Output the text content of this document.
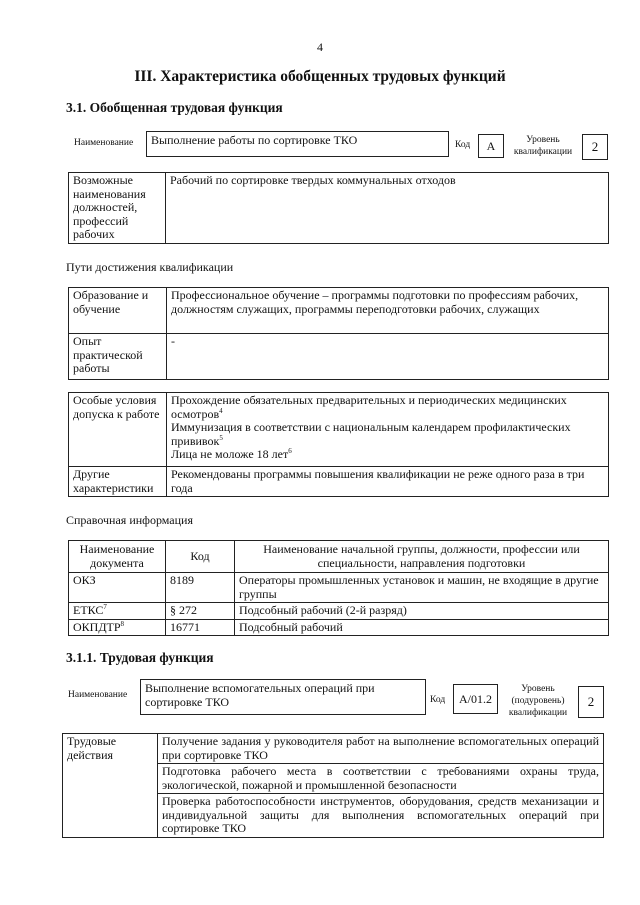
4
III. Характеристика обобщенных трудовых функций
3.1. Обобщенная трудовая функция
Наименование	Выполнение работы по сортировке ТКО	Код	А	Уровень квалификации	2
Возможные наименования должностей, профессий рабочих	Рабочий по сортировке твердых коммунальных отходов
Пути достижения квалификации
Образование и обучение	Профессиональное обучение – программы подготовки по профессиям рабочих, должностям служащих, программы переподготовки рабочих, служащих
Опыт практической работы	-
Особые условия допуска к работе	Прохождение обязательных предварительных и периодических медицинских осмотров$^4$
Иммунизация в соответствии с национальным календарем профилактических прививок$^5$
Лица не моложе 18 лет$^6$

Другие характеристики	Рекомендованы программы повышения квалификации не реже одного раза в три года
Справочная информация
Наименование документа	Код	Наименование начальной группы, должности, профессии или специальности, направления подготовки
ОКЗ	8189	Операторы промышленных установок и машин, не входящие в другие группы
ЕТКС$^7$	§ 272	Подсобный рабочий (2-й разряд)
ОКПДТР$^8$	16771	Подсобный рабочий
3.1.1. Трудовая функция
Наименование	Выполнение вспомогательных операций при сортировке ТКО	Код	А/01.2
Уровень (подуровень) квалификации
2
Трудовые действия	Получение задания у руководителя работ на выполнение вспомогательных операций при сортировке ТКО
Подготовка рабочего места в соответствии с требованиями охраны труда, экологической, пожарной и промышленной безопасности
Проверка работоспособности инструментов, оборудования, средств механизации и индивидуальной защиты для выполнения вспомогательных операций при сортировке ТКО
